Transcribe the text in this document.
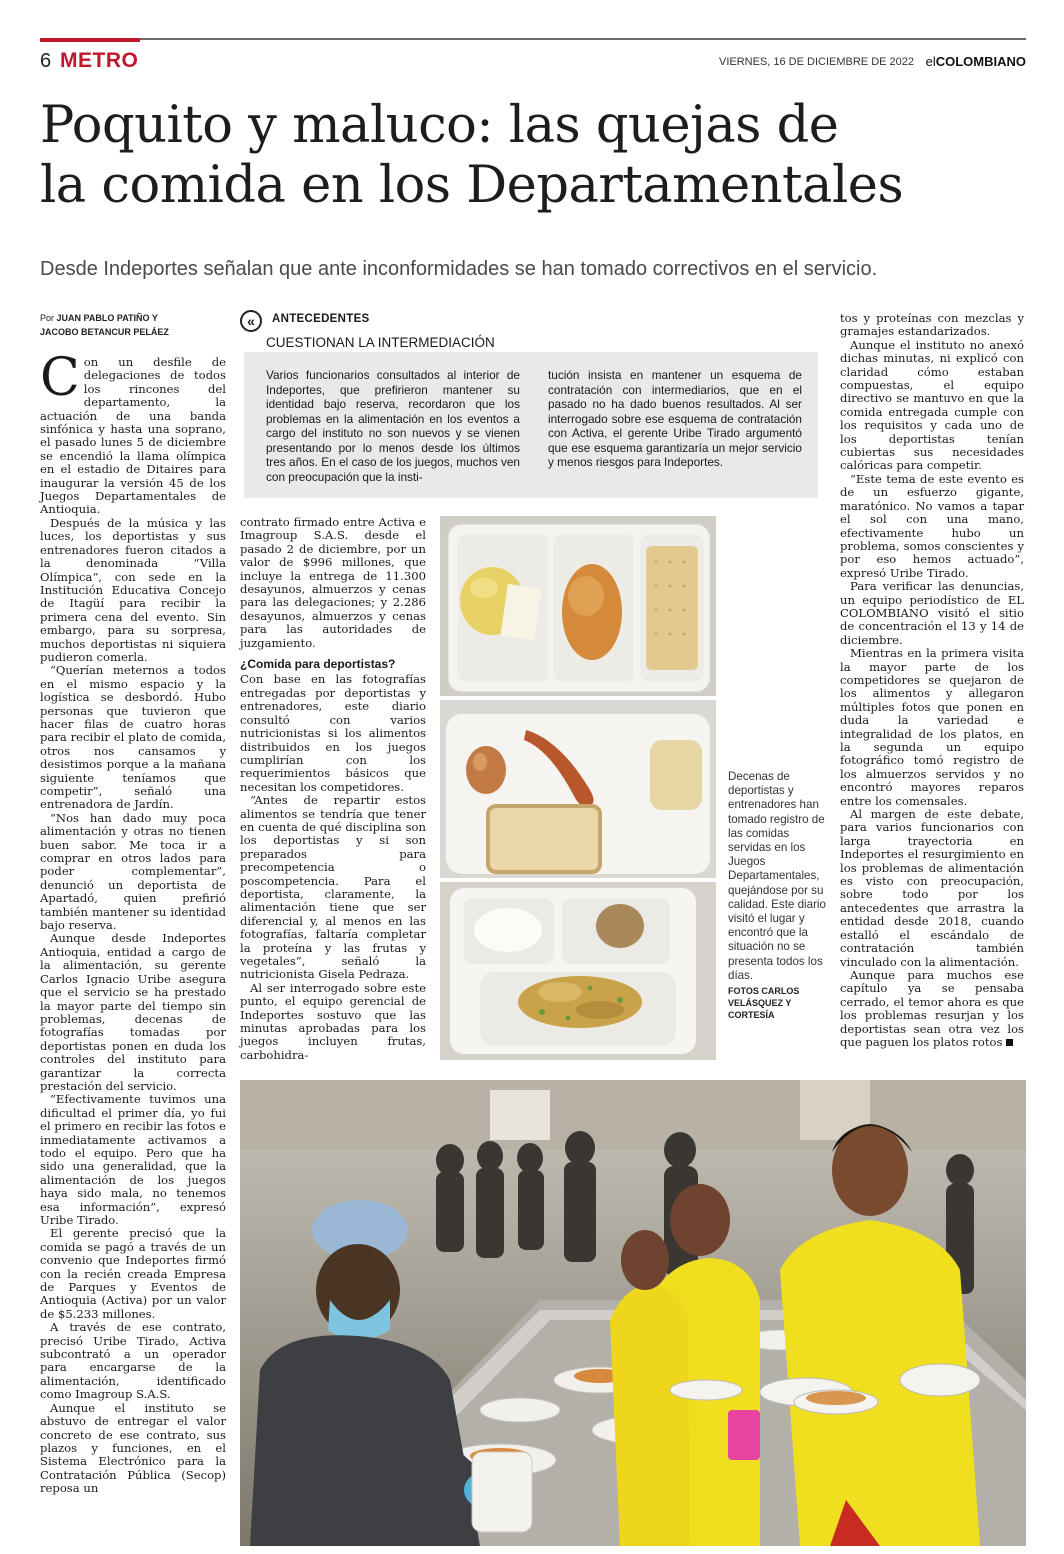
6 METRO	VIERNES, 16 DE DICIEMBRE DE 2022 elCOLOMBIANO
Poquito y maluco: las quejas de
la comida en los Departamentales
Desde Indeportes señalan que ante inconformidades se han tomado correctivos en el servicio.
Por JUAN PABLO PATIÑO Y
JACOBO BETANCUR PELÁEZ
C on un desfile de delegaciones de todos los rincones del departamento, la actuación de una banda sinfónica y hasta una soprano, el pasado lunes 5 de diciembre se encendió la llama olímpica en el estadio de Ditaires para inaugurar la versión 45 de los Juegos Departamentales de Antioquia.

Después de la música y las luces, los deportistas y sus entrenadores fueron citados a la denominada “Villa Olímpica”, con sede en la Institución Educativa Concejo de Itagüí para recibir la primera cena del evento. Sin embargo, para su sorpresa, muchos deportistas ni siquiera pudieron comerla.

“Querían meternos a todos en el mismo espacio y la logística se desbordó. Hubo personas que tuvieron que hacer filas de cuatro horas para recibir el plato de comida, otros nos cansamos y desistimos porque a la mañana siguiente teníamos que competir”, señaló una entrenadora de Jardín.

“Nos han dado muy poca alimentación y otras no tienen buen sabor. Me toca ir a comprar en otros lados para poder complementar”, denunció un deportista de Apartadó, quien prefirió también mantener su identidad bajo reserva.

Aunque desde Indeportes Antioquia, entidad a cargo de la alimentación, su gerente Carlos Ignacio Uribe asegura que el servicio se ha prestado la mayor parte del tiempo sin problemas, decenas de fotografías tomadas por deportistas ponen en duda los controles del instituto para garantizar la correcta prestación del servicio.

“Efectivamente tuvimos una dificultad el primer día, yo fui el primero en recibir las fotos e inmediatamente activamos a todo el equipo. Pero que ha sido una generalidad, que la alimentación de los juegos haya sido mala, no tenemos esa información”, expresó Uribe Tirado.

El gerente precisó que la comida se pagó a través de un convenio que Indeportes firmó con la recién creada Empresa de Parques y Eventos de Antioquia (Activa) por un valor de $5.233 millones.

A través de ese contrato, precisó Uribe Tirado, Activa subcontrató a un operador para encargarse de la alimentación, identificado como Imagroup S.A.S.

Aunque el instituto se abstuvo de entregar el valor concreto de ese contrato, sus plazos y funciones, en el Sistema Electrónico para la Contratación Pública (Secop) reposa un

«	ANTECEDENTES
CUESTIONAN LA INTERMEDIACIÓN
Varios funcionarios consultados al interior de Indeportes, que prefirieron mantener su identidad bajo reserva, recordaron que los problemas en la alimentación en los eventos a cargo del instituto no son nuevos y se vienen presentando por lo menos desde los últimos tres años. En el caso de los juegos, muchos ven con preocupación que la insti-
tución insista en mantener un esquema de contratación con intermediarios, que en el pasado no ha dado buenos resultados. Al ser interrogado sobre ese esquema de contratación con Activa, el gerente Uribe Tirado argumentó que ese esquema garantizaría un mejor servicio y menos riesgos para Indeportes.

contrato firmado entre Activa e Imagroup S.A.S. desde el pasado 2 de diciembre, por un valor de $996 millones, que incluye la entrega de 11.300 desayunos, almuerzos y cenas para las delegaciones; y 2.286 desayunos, almuerzos y cenas para las autoridades de juzgamiento.

¿Comida para deportistas?

Con base en las fotografías entregadas por deportistas y entrenadores, este diario consultó con varios nutricionistas si los alimentos distribuidos en los juegos cumplirían con los requerimientos básicos que necesitan los competidores.

“Antes de repartir estos alimentos se tendría que tener en cuenta de qué disciplina son los deportistas y si son preparados para precompetencia o poscompetencia. Para el deportista, claramente, la alimentación tiene que ser diferencial y, al menos en las fotografías, faltaría completar la proteína y las frutas y vegetales”, señaló la nutricionista Gisela Pedraza.

Al ser interrogado sobre este punto, el equipo gerencial de Indeportes sostuvo que las minutas aprobadas para los juegos incluyen frutas, carbohidra-

Decenas de deportistas y entrenadores han tomado registro de las comidas servidas en los Juegos Departamentales, quejándose por su calidad. Este diario visitó el lugar y encontró que la situación no se presenta todos los días.
FOTOS CARLOS VELÁSQUEZ Y CORTESÍA

tos y proteínas con mezclas y gramajes estandarizados.

Aunque el instituto no anexó dichas minutas, ni explicó con claridad cómo estaban compuestas, el equipo directivo se mantuvo en que la comida entregada cumple con los requisitos y cada uno de los deportistas tenían cubiertas sus necesidades calóricas para competir.

“Este tema de este evento es de un esfuerzo gigante, maratónico. No vamos a tapar el sol con una mano, efectivamente hubo un problema, somos conscientes y por eso hemos actuado”, expresó Uribe Tirado.

Para verificar las denuncias, un equipo periodístico de EL COLOMBIANO visitó el sitio de concentración el 13 y 14 de diciembre.

Mientras en la primera visita la mayor parte de los competidores se quejaron de los alimentos y allegaron múltiples fotos que ponen en duda la variedad e integralidad de los platos, en la segunda un equipo fotográfico tomó registro de los almuerzos servidos y no encontró mayores reparos entre los comensales.

Al margen de este debate, para varios funcionarios con larga trayectoria en Indeportes el resurgimiento en los problemas de alimentación es visto con preocupación, sobre todo por los antecedentes que arrastra la entidad desde 2018, cuando estalló el escándalo de contratación también vinculado con la alimentación.

Aunque para muchos ese capítulo ya se pensaba cerrado, el temor ahora es que los problemas resurjan y los deportistas sean otra vez los que paguen los platos rotos
